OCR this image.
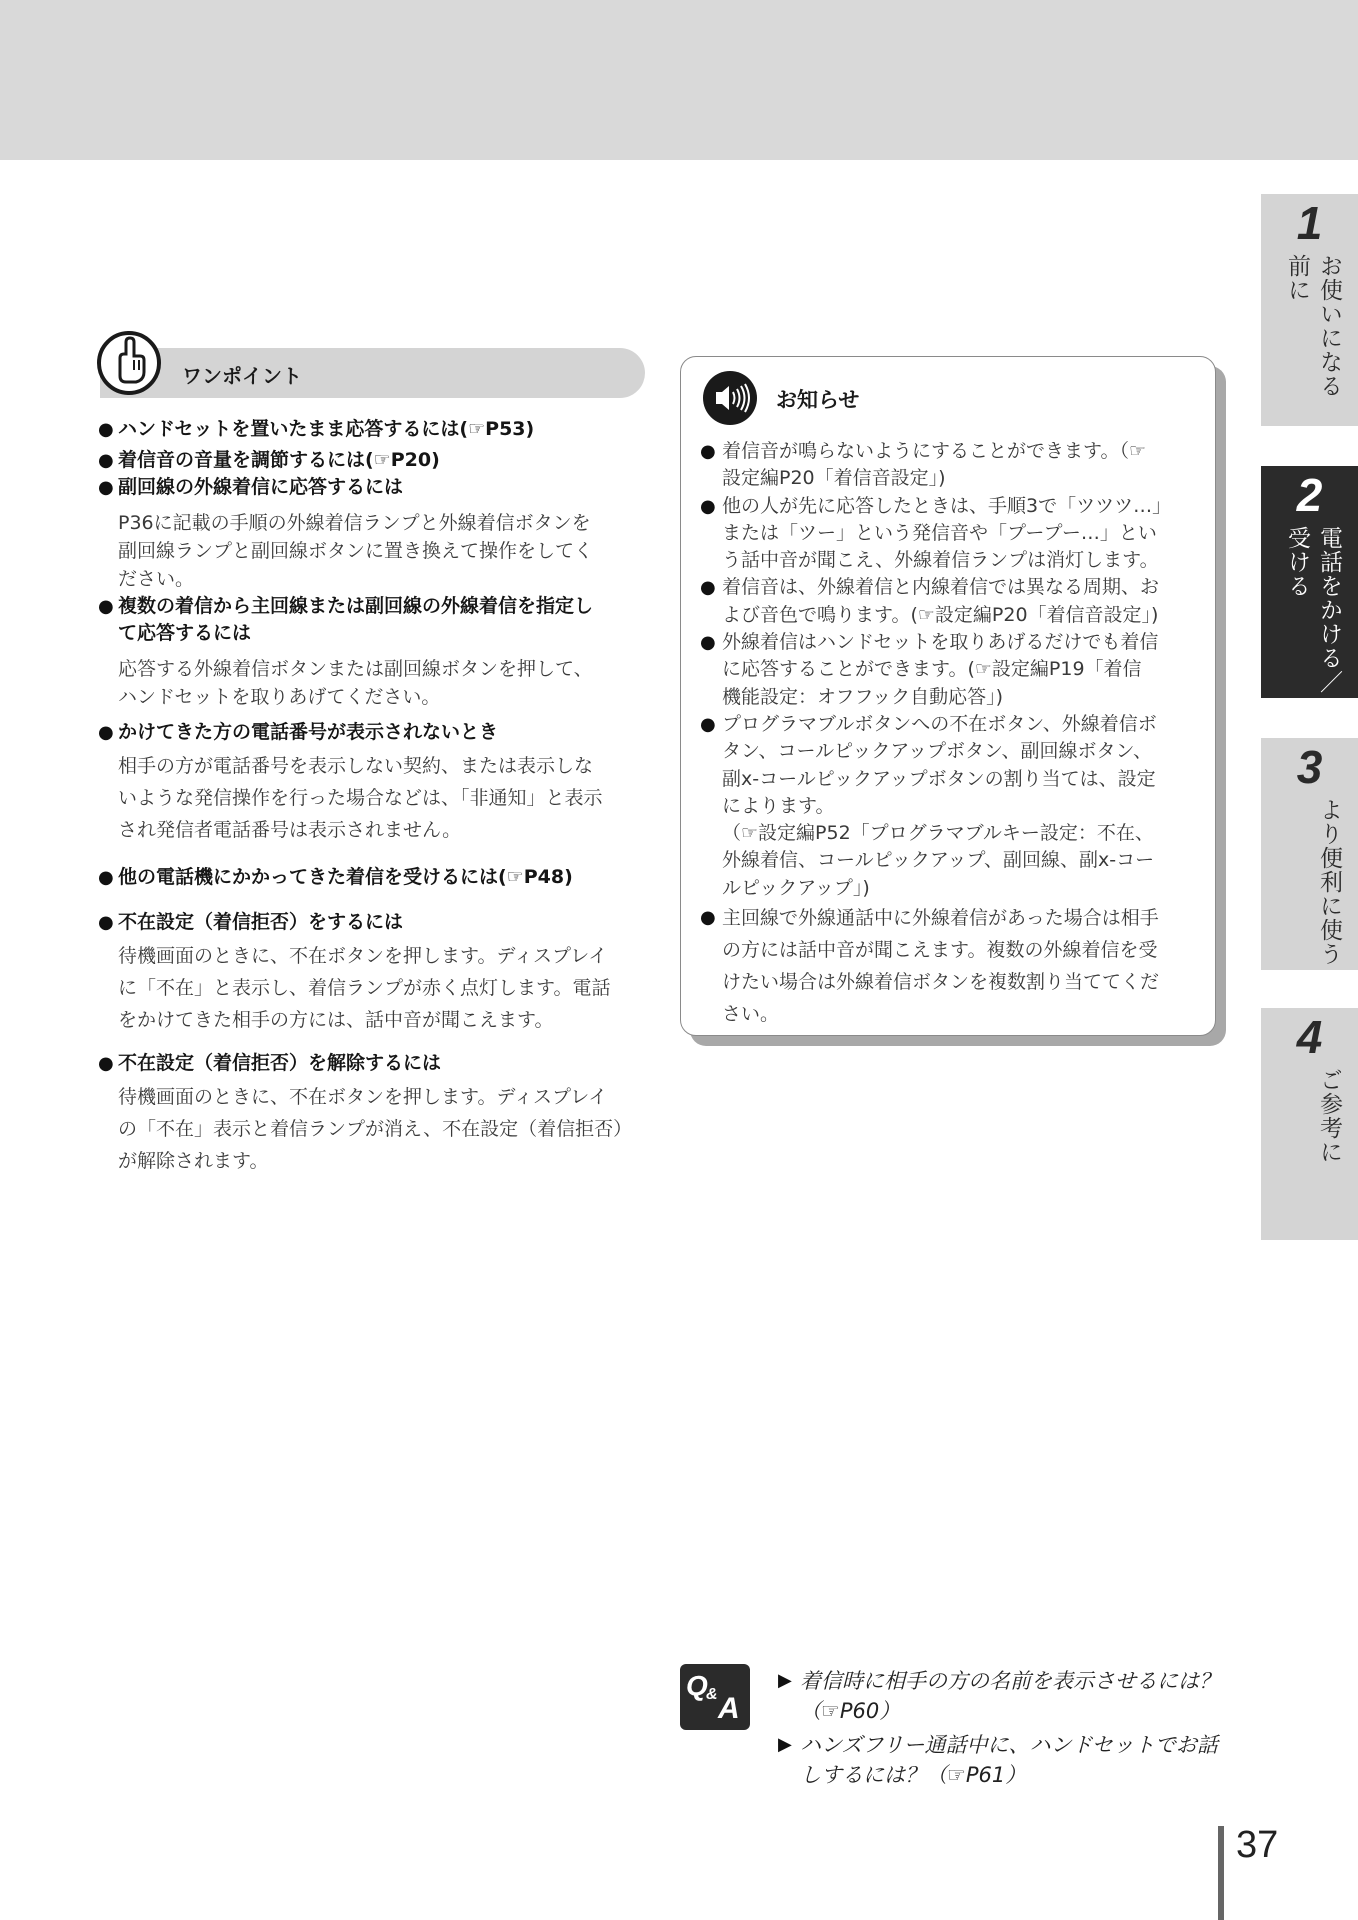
1
お使いになる
前に
2
電話をかける／
受ける
3
より便利に使う
4
ご参考に
ワンポイント
● ハンドセットを置いたまま応答するには(☞P53)
● 着信音の音量を調節するには(☞P20)
● 副回線の外線着信に応答するには
P36に記載の手順の外線着信ランプと外線着信ボタンを
副回線ランプと副回線ボタンに置き換えて操作をしてく
ださい。
● 複数の着信から主回線または副回線の外線着信を指定し
て応答するには
応答する外線着信ボタンまたは副回線ボタンを押して、
ハンドセットを取りあげてください。
● かけてきた方の電話番号が表示されないとき
相手の方が電話番号を表示しない契約、または表示しな
いような発信操作を行った場合などは、「非通知」と表示
され発信者電話番号は表示されません。
● 他の電話機にかかってきた着信を受けるには(☞P48)
● 不在設定（着信拒否）をするには
待機画面のときに、不在ボタンを押します。ディスプレイ
に「不在」と表示し、着信ランプが赤く点灯します。電話
をかけてきた相手の方には、話中音が聞こえます。
● 不在設定（着信拒否）を解除するには
待機画面のときに、不在ボタンを押します。ディスプレイ
の「不在」表示と着信ランプが消え、不在設定（着信拒否）
が解除されます。
お知らせ
● 着信音が鳴らないようにすることができます。（☞
設定編P20「着信音設定」)
● 他の人が先に応答したときは、手順3で「ツツツ…」
または「ツー」という発信音や「プープー…」とい
う話中音が聞こえ、外線着信ランプは消灯します。
● 着信音は、外線着信と内線着信では異なる周期、お
よび音色で鳴ります。(☞設定編P20「着信音設定」)
● 外線着信はハンドセットを取りあげるだけでも着信
に応答することができます。(☞設定編P19「着信
機能設定：オフフック自動応答」)
● プログラマブルボタンへの不在ボタン、外線着信ボ
タン、コールピックアップボタン、副回線ボタン、
副x-コールピックアップボタンの割り当ては、設定
によります。
（☞設定編P52「プログラマブルキー設定：不在、
外線着信、コールピックアップ、副回線、副x-コー
ルピックアップ」)
● 主回線で外線通話中に外線着信があった場合は相手
の方には話中音が聞こえます。複数の外線着信を受
けたい場合は外線着信ボタンを複数割り当ててくだ
さい。
Q
& A
▶ 着信時に相手の方の名前を表示させるには？
（☞P60）
▶ ハンズフリー通話中に、ハンドセットでお話
しするには？（☞P61）
37
